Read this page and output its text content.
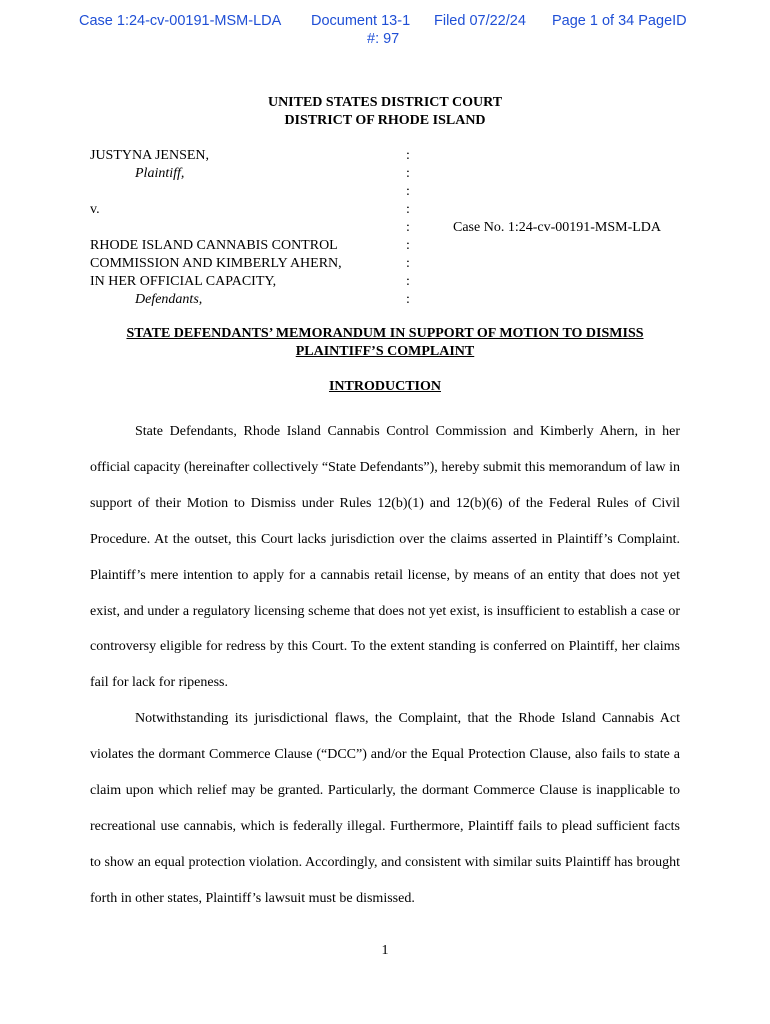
Case 1:24-cv-00191-MSM-LDA Document 13-1 Filed 07/22/24 Page 1 of 34 PageID
#: 97
UNITED STATES DISTRICT COURT
DISTRICT OF RHODE ISLAND
JUSTYNA JENSEN,
Plaintiff,

v.

RHODE ISLAND CANNABIS CONTROL
COMMISSION AND KIMBERLY AHERN,
IN HER OFFICIAL CAPACITY,
Defendants,
:
:
:
:
:
:
:
:
:
Case No. 1:24-cv-00191-MSM-LDA
STATE DEFENDANTS’ MEMORANDUM IN SUPPORT OF MOTION TO DISMISS
PLAINTIFF’S COMPLAINT
INTRODUCTION

State Defendants, Rhode Island Cannabis Control Commission and Kimberly Ahern, in her official capacity (hereinafter collectively “State Defendants”), hereby submit this memorandum of law in support of their Motion to Dismiss under Rules 12(b)(1) and 12(b)(6) of the Federal Rules of Civil Procedure. At the outset, this Court lacks jurisdiction over the claims asserted in Plaintiff’s Complaint. Plaintiff’s mere intention to apply for a cannabis retail license, by means of an entity that does not yet exist, and under a regulatory licensing scheme that does not yet exist, is insufficient to establish a case or controversy eligible for redress by this Court. To the extent standing is conferred on Plaintiff, her claims fail for lack for ripeness.

Notwithstanding its jurisdictional flaws, the Complaint, that the Rhode Island Cannabis Act violates the dormant Commerce Clause (“DCC”) and/or the Equal Protection Clause, also fails to state a claim upon which relief may be granted. Particularly, the dormant Commerce Clause is inapplicable to recreational use cannabis, which is federally illegal. Furthermore, Plaintiff fails to plead sufficient facts to show an equal protection violation. Accordingly, and consistent with similar suits Plaintiff has brought forth in other states, Plaintiff’s lawsuit must be dismissed.

1
